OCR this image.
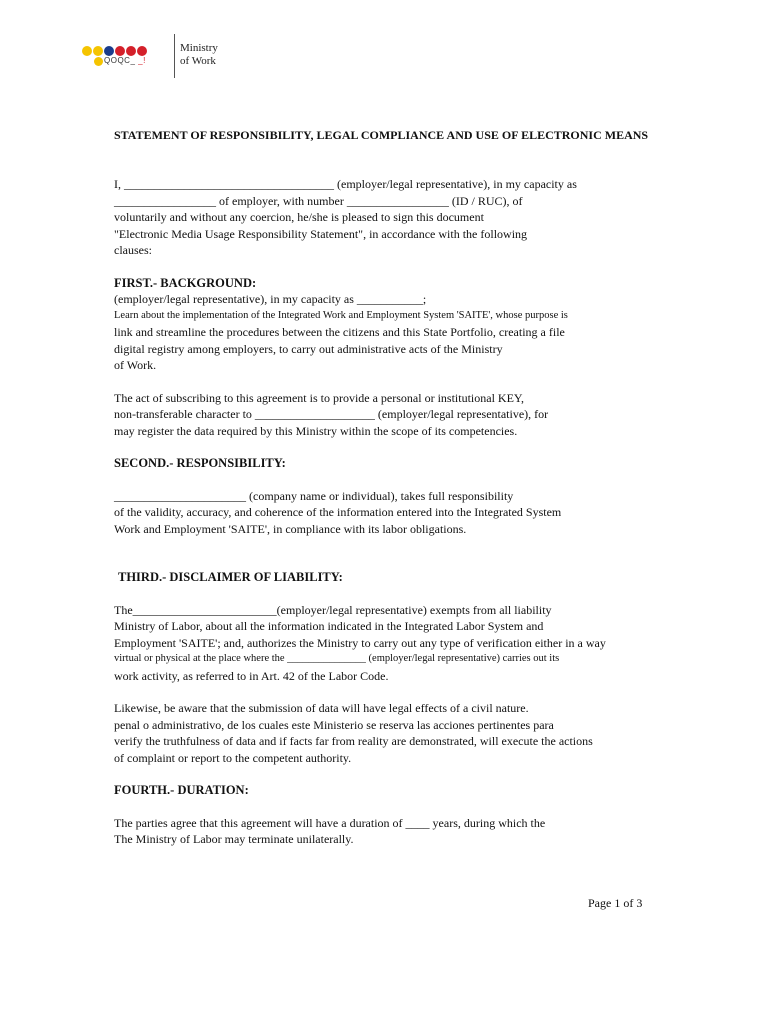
QOQC_ _!
Ministry
of Work
STATEMENT OF RESPONSIBILITY, LEGAL COMPLIANCE AND USE OF ELECTRONIC MEANS
I, ___________________________________ (employer/legal representative), in my capacity as
_________________ of employer, with number _________________ (ID / RUC), of
voluntarily and without any coercion, he/she is pleased to sign this document
"Electronic Media Usage Responsibility Statement", in accordance with the following
clauses:
FIRST.- BACKGROUND:
(employer/legal representative), in my capacity as ___________;
Learn about the implementation of the Integrated Work and Employment System 'SAITE', whose purpose is
link and streamline the procedures between the citizens and this State Portfolio, creating a file
digital registry among employers, to carry out administrative acts of the Ministry
of Work.
The act of subscribing to this agreement is to provide a personal or institutional KEY,
non-transferable character to ____________________ (employer/legal representative), for
may register the data required by this Ministry within the scope of its competencies.
SECOND.- RESPONSIBILITY:
______________________ (company name or individual), takes full responsibility
of the validity, accuracy, and coherence of the information entered into the Integrated System
Work and Employment 'SAITE', in compliance with its labor obligations.
THIRD.- DISCLAIMER OF LIABILITY:
The________________________(employer/legal representative) exempts from all liability
Ministry of Labor, about all the information indicated in the Integrated Labor System and
Employment 'SAITE'; and, authorizes the Ministry to carry out any type of verification either in a way
virtual or physical at the place where the _______________ (employer/legal representative) carries out its
work activity, as referred to in Art. 42 of the Labor Code.
Likewise, be aware that the submission of data will have legal effects of a civil nature.
penal o administrativo, de los cuales este Ministerio se reserva las acciones pertinentes para
verify the truthfulness of data and if facts far from reality are demonstrated, will execute the actions
of complaint or report to the competent authority.
FOURTH.- DURATION:
The parties agree that this agreement will have a duration of ____ years, during which the
The Ministry of Labor may terminate unilaterally.
Page 1 of 3
